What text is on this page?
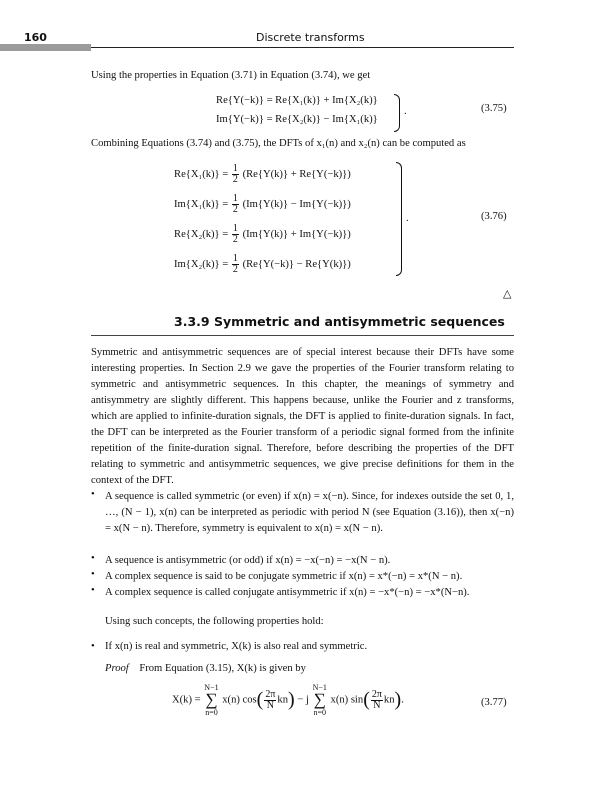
160	Discrete transforms
Using the properties in Equation (3.71) in Equation (3.74), we get
Re{Y(−k)} = Re{X₁(k)} + Im{X₂(k)}
Im{Y(−k)} = Re{X₂(k)} − Im{X₁(k)}
.	(3.75)
Combining Equations (3.74) and (3.75), the DFTs of x₁(n) and x₂(n) can be computed as
$Re\{X_1(k)\} = \frac{1}{2} (Re\{Y(k)\} + Re\{Y(-k)\})$
$Im\{X_1(k)\} = \frac{1}{2} (Im\{Y(k)\} - Im\{Y(-k)\})$
$Re\{X_2(k)\} = \frac{1}{2} (Im\{Y(k)\} + Im\{Y(-k)\})$
$Im\{X_2(k)\} = \frac{1}{2} (Re\{Y(-k)\} - Re\{Y(k)\})$
.	(3.76)
△
3.3.9 Symmetric and antisymmetric sequences
Symmetric and antisymmetric sequences are of special interest because their DFTs have some interesting properties. In Section 2.9 we gave the properties of the Fourier transform relating to symmetric and antisymmetric sequences. In this chapter, the meanings of symmetry and antisymmetry are slightly different. This happens because, unlike the Fourier and z transforms, which are applied to infinite-duration signals, the DFT is applied to finite-duration signals. In fact, the DFT can be interpreted as the Fourier transform of a periodic signal formed from the infinite repetition of the finite-duration signal. Therefore, before describing the properties of the DFT relating to symmetric and antisymmetric sequences, we give precise definitions for them in the context of the DFT.
• A sequence is called symmetric (or even) if x(n) = x(−n). Since, for indexes outside the set 0, 1, …, (N − 1), x(n) can be interpreted as periodic with period N (see Equation (3.16)), then x(−n) = x(N − n). Therefore, symmetry is equivalent to x(n) = x(N − n).
• A sequence is antisymmetric (or odd) if x(n) = −x(−n) = −x(N − n).
• A complex sequence is said to be conjugate symmetric if x(n) = x*(−n) = x*(N − n).
• A complex sequence is called conjugate antisymmetric if x(n) = −x*(−n) = −x*(N−n).
Using such concepts, the following properties hold:
• If x(n) is real and symmetric, X(k) is also real and symmetric.
Proof From Equation (3.15), X(k) is given by
X(k) =
N−1
∑
n=0
x(n) $\cos( \frac{2\pi}{N} kn) - j$
N−1
∑
n=0
x(n) $\sin( \frac{2\pi}{N} kn)$.	(3.77)
